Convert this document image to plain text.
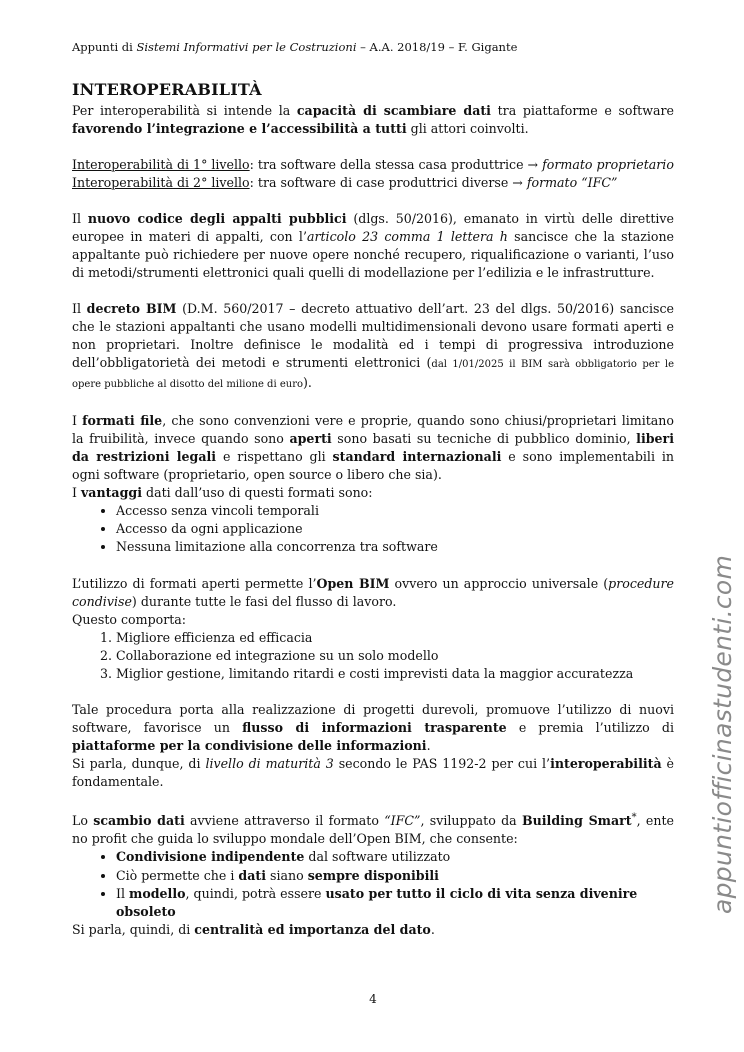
Appunti di Sistemi Informativi per le Costruzioni – A.A. 2018/19 – F. Gigante
INTEROPERABILITÀ

Per interoperabilità si intende la capacità di scambiare dati tra piattaforme e software favorendo l’integrazione e l’accessibilità a tutti gli attori coinvolti.

Interoperabilità di 1° livello: tra software della stessa casa produttrice → formato proprietario

Interoperabilità di 2° livello: tra software di case produttrici diverse → formato “IFC”

Il nuovo codice degli appalti pubblici (dlgs. 50/2016), emanato in virtù delle direttive europee in materi di appalti, con l’articolo 23 comma 1 lettera h sancisce che la stazione appaltante può richiedere per nuove opere nonché recupero, riqualificazione o varianti, l’uso di metodi/strumenti elettronici quali quelli di modellazione per l’edilizia e le infrastrutture.

Il decreto BIM (D.M. 560/2017 – decreto attuativo dell’art. 23 del dlgs. 50/2016) sancisce che le stazioni appaltanti che usano modelli multidimensionali devono usare formati aperti e non proprietari. Inoltre definisce le modalità ed i tempi di progressiva introduzione dell’obbligatorietà dei metodi e strumenti elettronici (dal 1/01/2025 il BIM sarà obbligatorio per le opere pubbliche al disotto del milione di euro).

I formati file, che sono convenzioni vere e proprie, quando sono chiusi/proprietari limitano la fruibilità, invece quando sono aperti sono basati su tecniche di pubblico dominio, liberi da restrizioni legali e rispettano gli standard internazionali e sono implementabili in ogni software (proprietario, open source o libero che sia).

I vantaggi dati dall’uso di questi formati sono:

• Accesso senza vincoli temporali
• Accesso da ogni applicazione
• Nessuna limitazione alla concorrenza tra software

L’utilizzo di formati aperti permette l’Open BIM ovvero un approccio universale (procedure condivise) durante tutte le fasi del flusso di lavoro.

Questo comporta:

1. Migliore efficienza ed efficacia
2. Collaborazione ed integrazione su un solo modello
3. Miglior gestione, limitando ritardi e costi imprevisti data la maggior accuratezza

Tale procedura porta alla realizzazione di progetti durevoli, promuove l’utilizzo di nuovi software, favorisce un flusso di informazioni trasparente e premia l’utilizzo di piattaforme per la condivisione delle informazioni.

Si parla, dunque, di livello di maturità 3 secondo le PAS 1192-2 per cui l’interoperabilità è fondamentale.

Lo scambio dati avviene attraverso il formato “IFC”, sviluppato da Building Smart*, ente no profit che guida lo sviluppo mondale dell’Open BIM, che consente:

• Condivisione indipendente dal software utilizzato
• Ciò permette che i dati siano sempre disponibili
• Il modello, quindi, potrà essere usato per tutto il ciclo di vita senza divenire obsoleto

Si parla, quindi, di centralità ed importanza del dato.

4
appuntiofficinastudenti.com
